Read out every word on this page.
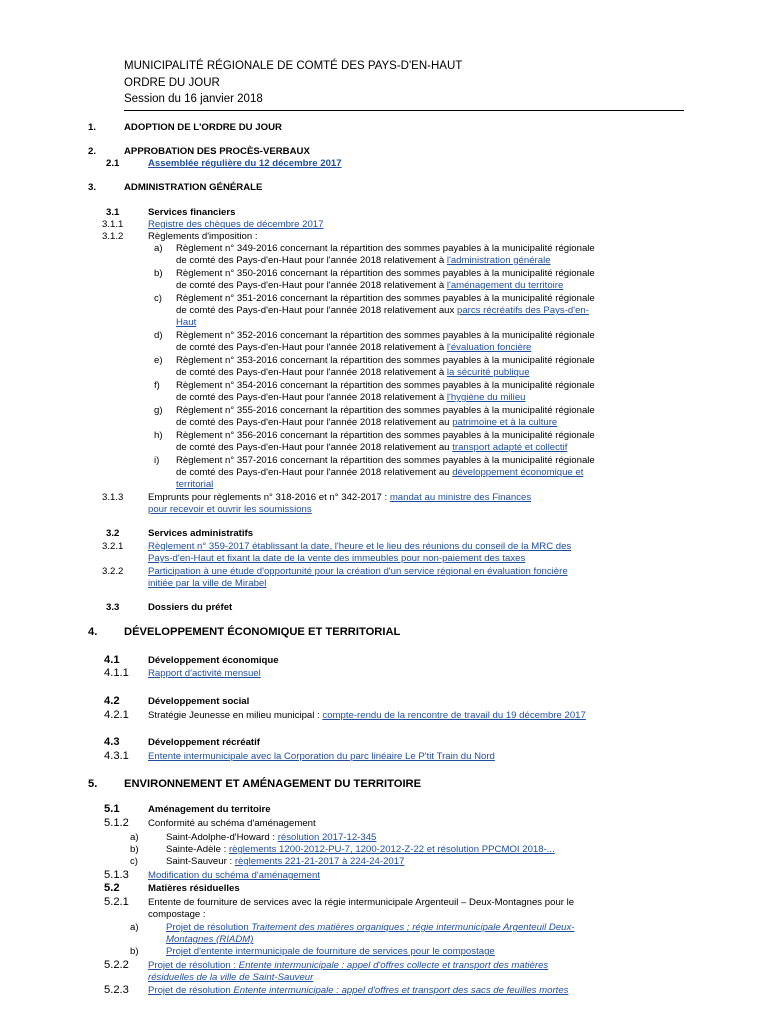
MUNICIPALITÉ RÉGIONALE DE COMTÉ DES PAYS-D'EN-HAUT
ORDRE DU JOUR
Session du 16 janvier 2018
1.	ADOPTION DE L'ORDRE DU JOUR
2.	APPROBATION DES PROCÈS-VERBAUX
2.1	Assemblée régulière du 12 décembre 2017
3.	ADMINISTRATION GÉNÉRALE
3.1	Services financiers
3.1.1	Registre des chèques de décembre 2017
3.1.2	Règlements d'imposition :
a) Règlement n° 349-2016 concernant la répartition des sommes payables à la municipalité régionale
de comté des Pays-d'en-Haut pour l'année 2018 relativement à l'administration générale
b) Règlement n° 350-2016 concernant la répartition des sommes payables à la municipalité régionale
de comté des Pays-d'en-Haut pour l'année 2018 relativement à l'aménagement du territoire
c) Règlement n° 351-2016 concernant la répartition des sommes payables à la municipalité régionale
de comté des Pays-d'en-Haut pour l'année 2018 relativement aux parcs récréatifs des Pays-d'en-
Haut
d) Règlement n° 352-2016 concernant la répartition des sommes payables à la municipalité régionale
de comté des Pays-d'en-Haut pour l'année 2018 relativement à l'évaluation foncière
e) Règlement n° 353-2016 concernant la répartition des sommes payables à la municipalité régionale
de comté des Pays-d'en-Haut pour l'année 2018 relativement à la sécurité publique
f) Règlement n° 354-2016 concernant la répartition des sommes payables à la municipalité régionale
de comté des Pays-d'en-Haut pour l'année 2018 relativement à l'hygiène du milieu
g) Règlement n° 355-2016 concernant la répartition des sommes payables à la municipalité régionale
de comté des Pays-d'en-Haut pour l'année 2018 relativement au patrimoine et à la culture
h) Règlement n° 356-2016 concernant la répartition des sommes payables à la municipalité régionale
de comté des Pays-d'en-Haut pour l'année 2018 relativement au transport adapté et collectif
i) Règlement n° 357-2016 concernant la répartition des sommes payables à la municipalité régionale
de comté des Pays-d'en-Haut pour l'année 2018 relativement au développement économique et
territorial
3.1.3	Emprunts pour règlements n° 318-2016 et n° 342-2017 : mandat au ministre des Finances
pour recevoir et ouvrir les soumissions
3.2	Services administratifs
3.2.1	Règlement n° 359-2017 établissant la date, l'heure et le lieu des réunions du conseil de la MRC des
Pays-d'en-Haut et fixant la date de la vente des immeubles pour non-paiement des taxes
3.2.2	Participation à une étude d'opportunité pour la création d'un service régional en évaluation foncière
initiée par la ville de Mirabel
3.3	Dossiers du préfet
4. DÉVELOPPEMENT ÉCONOMIQUE ET TERRITORIAL
4.1	Développement économique
4.1.1 Rapport d'activité mensuel
4.2	Développement social
4.2.1 Stratégie Jeunesse en milieu municipal : compte-rendu de la rencontre de travail du 19 décembre 2017
4.3	Développement récréatif
4.3.1 Entente intermunicipale avec la Corporation du parc linéaire Le P'tit Train du Nord
5. ENVIRONNEMENT ET AMÉNAGEMENT DU TERRITOIRE
5.1	Aménagement du territoire
5.1.2 Conformité au schéma d'aménagement
a)	Saint-Adolphe-d'Howard : résolution 2017-12-345
b)	Sainte-Adèle : règlements 1200-2012-PU-7, 1200-2012-Z-22 et résolution PPCMOI 2018-...
c)	Saint-Sauveur : règlements 221-21-2017 à 224-24-2017
5.1.3 Modification du schéma d'aménagement
5.2	Matières résiduelles
5.2.1 Entente de fourniture de services avec la régie intermunicipale Argenteuil – Deux-Montagnes pour le
compostage :
a)	Projet de résolution Traitement des matières organiques ; régie intermunicipale Argenteuil Deux-
Montagnes (RIADM)
b)	Projet d'entente intermunicipale de fourniture de services pour le compostage
5.2.2 Projet de résolution : Entente intermunicipale : appel d'offres collecte et transport des matières
résiduelles de la ville de Saint-Sauveur
5.2.3 Projet de résolution Entente intermunicipale : appel d'offres et transport des sacs de feuilles mortes
